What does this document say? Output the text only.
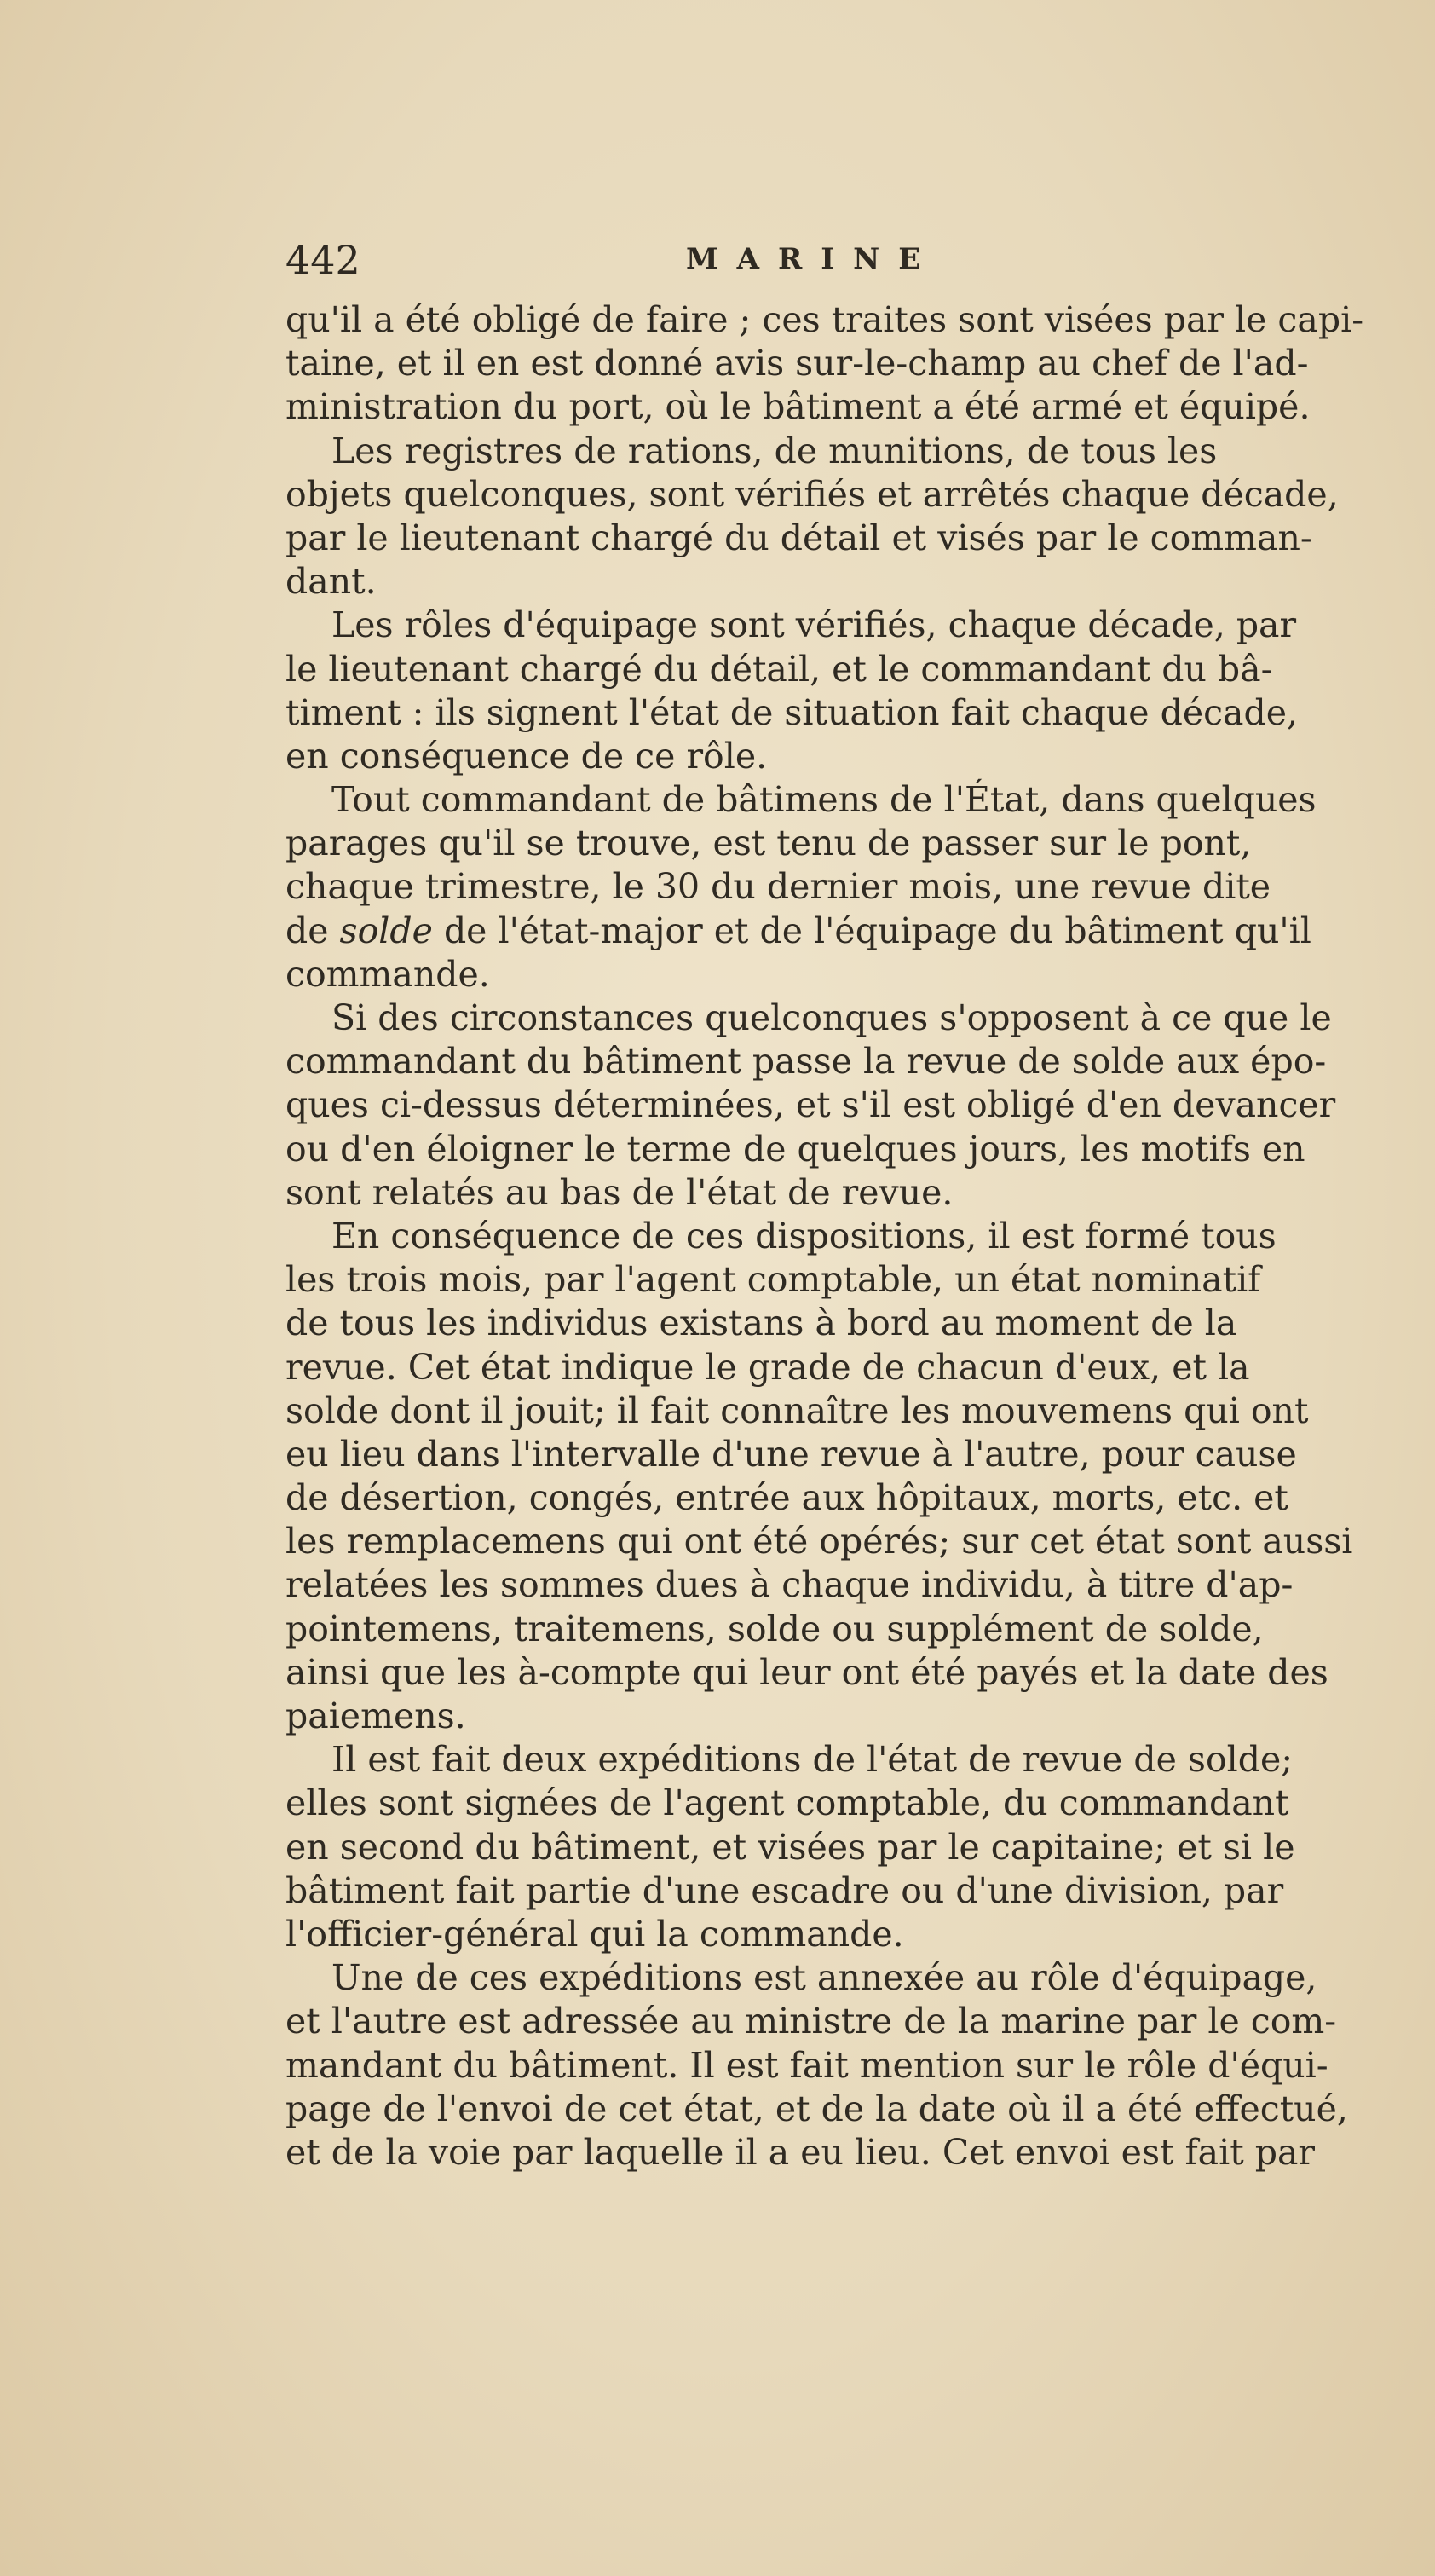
442	MARINE
qu'il a été obligé de faire ; ces traites sont visées par le capi-
taine, et il en est donné avis sur-le-champ au chef de l'ad-
ministration du port, où le bâtiment a été armé et équipé.
Les registres de rations, de munitions, de tous les
objets quelconques, sont vérifiés et arrêtés chaque décade,
par le lieutenant chargé du détail et visés par le comman-
dant.
Les rôles d'équipage sont vérifiés, chaque décade, par
le lieutenant chargé du détail, et le commandant du bâ-
timent : ils signent l'état de situation fait chaque décade,
en conséquence de ce rôle.
Tout commandant de bâtimens de l'État, dans quelques
parages qu'il se trouve, est tenu de passer sur le pont,
chaque trimestre, le 30 du dernier mois, une revue dite
de solde de l'état-major et de l'équipage du bâtiment qu'il
commande.
Si des circonstances quelconques s'opposent à ce que le
commandant du bâtiment passe la revue de solde aux épo-
ques ci-dessus déterminées, et s'il est obligé d'en devancer
ou d'en éloigner le terme de quelques jours, les motifs en
sont relatés au bas de l'état de revue.
En conséquence de ces dispositions, il est formé tous
les trois mois, par l'agent comptable, un état nominatif
de tous les individus existans à bord au moment de la
revue. Cet état indique le grade de chacun d'eux, et la
solde dont il jouit; il fait connaître les mouvemens qui ont
eu lieu dans l'intervalle d'une revue à l'autre, pour cause
de désertion, congés, entrée aux hôpitaux, morts, etc. et
les remplacemens qui ont été opérés; sur cet état sont aussi
relatées les sommes dues à chaque individu, à titre d'ap-
pointemens, traitemens, solde ou supplément de solde,
ainsi que les à-compte qui leur ont été payés et la date des
paiemens.
Il est fait deux expéditions de l'état de revue de solde;
elles sont signées de l'agent comptable, du commandant
en second du bâtiment, et visées par le capitaine; et si le
bâtiment fait partie d'une escadre ou d'une division, par
l'officier-général qui la commande.
Une de ces expéditions est annexée au rôle d'équipage,
et l'autre est adressée au ministre de la marine par le com-
mandant du bâtiment. Il est fait mention sur le rôle d'équi-
page de l'envoi de cet état, et de la date où il a été effectué,
et de la voie par laquelle il a eu lieu. Cet envoi est fait par
